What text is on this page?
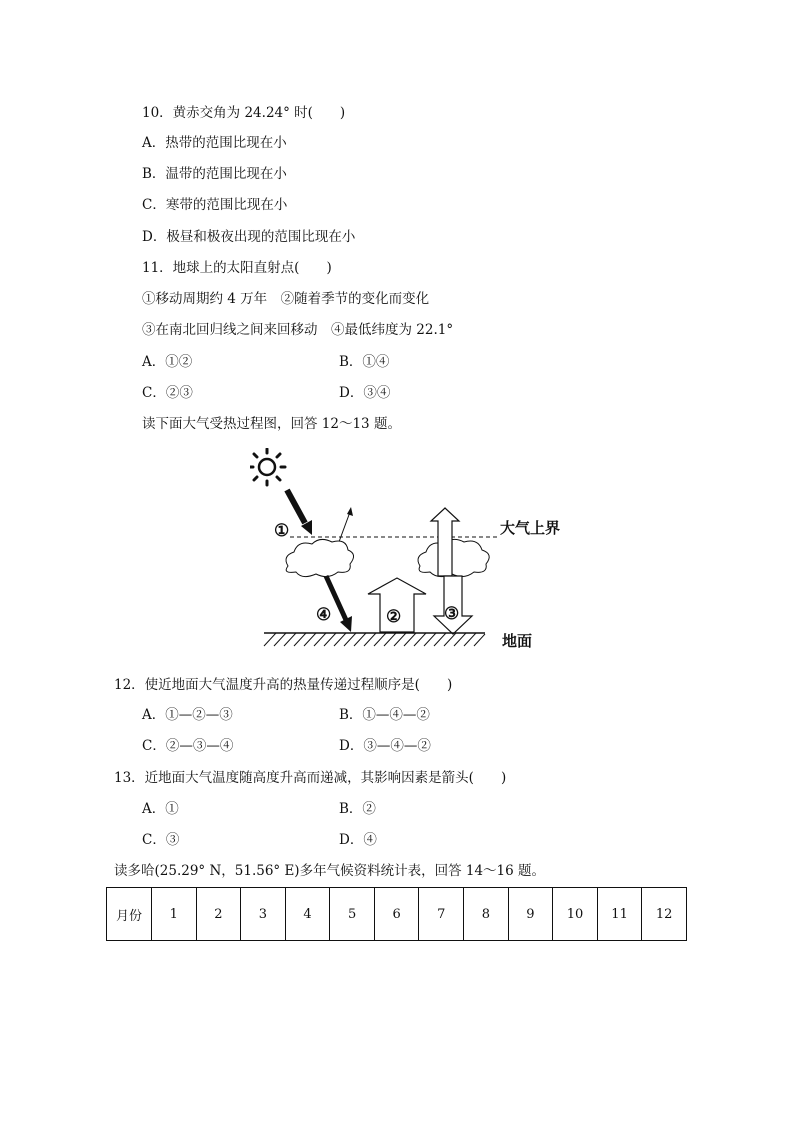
10．黄赤交角为 24.24° 时(　　)
A．热带的范围比现在小
B．温带的范围比现在小
C．寒带的范围比现在小
D．极昼和极夜出现的范围比现在小
11．地球上的太阳直射点(　　)
①移动周期约 4 万年　②随着季节的变化而变化
③在南北回归线之间来回移动　④最低纬度为 22.1°
A．①②	B．①④
C．②③	D．③④
读下面大气受热过程图，回答 12～13 题。
大气上界
①
④	②	③
地面
12．使近地面大气温度升高的热量传递过程顺序是(　　)
A．①—②—③	B．①—④—②
C．②—③—④	D．③—④—②
13．近地面大气温度随高度升高而递减，其影响因素是箭头(　　)
A．①	B．②
C．③	D．④
读多哈(25.29° N，51.56° E)多年气候资料统计表，回答 14～16 题。
月份	1	2	3	4	5	6	7	8	9	10	11	12
